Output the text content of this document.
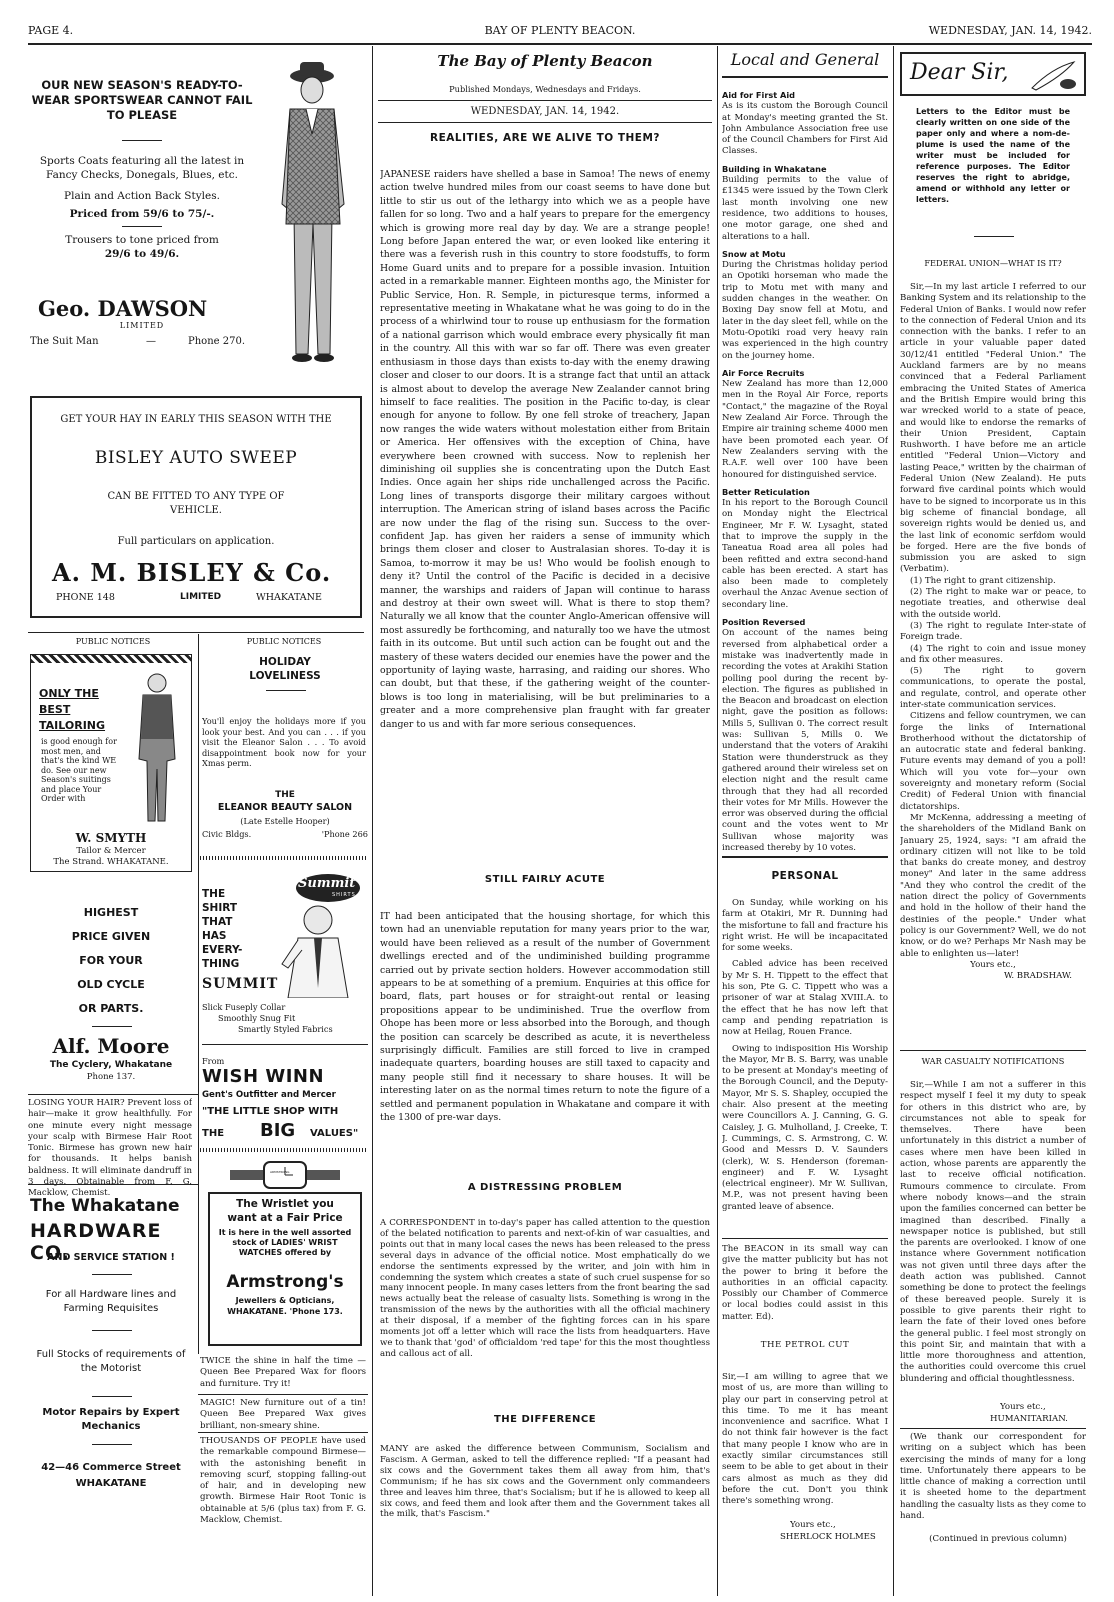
PAGE 4.	BAY OF PLENTY BEACON.	WEDNESDAY, JAN. 14, 1942.
OUR NEW SEASON'S READY-TO-WEAR SPORTSWEAR CANNOT FAIL TO PLEASE
Sports Coats featuring all the latest in Fancy Checks, Donegals, Blues, etc.
Plain and Action Back Styles.
Priced from 59/6 to 75/-.
Trousers to tone priced from
29/6 to 49/6.
Geo. DAWSON
LIMITED
The Suit Man	—	Phone 270.
GET YOUR HAY IN EARLY THIS SEASON WITH THE
BISLEY AUTO SWEEP
CAN BE FITTED TO ANY TYPE OF VEHICLE.
Full particulars on application.
A. M. BISLEY & Co.
PHONE 148	LIMITED	WHAKATANE
PUBLIC NOTICES
ONLY THE
BEST
TAILORING
is good enough for most men, and that's the kind WE do. See our new Season's suitings and place Your Order with
W. SMYTH
Tailor & Mercer
The Strand. WHAKATANE.
HIGHEST
PRICE GIVEN
FOR YOUR
OLD CYCLE
OR PARTS.
Alf. Moore
The Cyclery, Whakatane
Phone 137.
LOSING YOUR HAIR? Prevent loss of hair—make it grow healthfully. For one minute every night message your scalp with Birmese Hair Root Tonic. Birmese has grown new hair for thousands. It helps banish baldness. It will eliminate dandruff in 3 days. Obtainable from F. G. Macklow, Chemist.
The Whakatane
HARDWARE CO.
AND SERVICE STATION !
For all Hardware lines and Farming Requisites
Full Stocks of requirements of the Motorist
Motor Repairs by Expert Mechanics
42—46 Commerce Street
WHAKATANE
PUBLIC NOTICES
HOLIDAY
LOVELINESS
You'll enjoy the holidays more if you look your best. And you can . . . if you visit the Eleanor Salon . . . To avoid disappointment book now for your Xmas perm.
THE
ELEANOR BEAUTY SALON
(Late Estelle Hooper)
Civic Bldgs.	'Phone 266
THE
SHIRT
THAT
HAS
EVERY-
THING
SUMMIT
Summit
SHIRTS
Slick Fuseply Collar
Smoothly Snug Fit
Smartly Styled Fabrics
From
WISH WINN
Gent's Outfitter and Mercer
"THE LITTLE SHOP WITH
THE BIG VALUES"
ARMSTRONG
The Wristlet you
want at a Fair Price
It is here in the well assorted stock of LADIES' WRIST WATCHES offered by
Armstrong's
Jewellers & Opticians,
WHAKATANE. 'Phone 173.
TWICE the shine in half the time —Queen Bee Prepared Wax for floors and furniture. Try it!
MAGIC! New furniture out of a tin! Queen Bee Prepared Wax gives brilliant, non-smeary shine.
THOUSANDS OF PEOPLE have used the remarkable compound Birmese—with the astonishing benefit in removing scurf, stopping falling-out of hair, and in developing new growth. Birmese Hair Root Tonic is obtainable at 5/6 (plus tax) from F. G. Macklow, Chemist.
The Bay of Plenty Beacon
Published Mondays, Wednesdays and Fridays.
WEDNESDAY, JAN. 14, 1942.
REALITIES, ARE WE ALIVE TO THEM?
JAPANESE raiders have shelled a base in Samoa! The news of enemy action twelve hundred miles from our coast seems to have done but little to stir us out of the lethargy into which we as a people have fallen for so long. Two and a half years to prepare for the emergency which is growing more real day by day. We are a strange people! Long before Japan entered the war, or even looked like entering it there was a feverish rush in this country to store foodstuffs, to form Home Guard units and to prepare for a possible invasion. Intuition acted in a remarkable manner. Eighteen months ago, the Minister for Public Service, Hon. R. Semple, in picturesque terms, informed a representative meeting in Whakatane what he was going to do in the process of a whirlwind tour to rouse up enthusiasm for the formation of a national garrison which would embrace every physically fit man in the country. All this with war so far off. There was even greater enthusiasm in those days than exists to-day with the enemy drawing closer and closer to our doors. It is a strange fact that until an attack is almost about to develop the average New Zealander cannot bring himself to face realities. The position in the Pacific to-day, is clear enough for anyone to follow. By one fell stroke of treachery, Japan now ranges the wide waters without molestation either from Britain or America. Her offensives with the exception of China, have everywhere been crowned with success. Now to replenish her diminishing oil supplies she is concentrating upon the Dutch East Indies. Once again her ships ride unchallenged across the Pacific. Long lines of transports disgorge their military cargoes without interruption. The American string of island bases across the Pacific are now under the flag of the rising sun. Success to the over-confident Jap. has given her raiders a sense of immunity which brings them closer and closer to Australasian shores. To-day it is Samoa, to-morrow it may be us! Who would be foolish enough to deny it? Until the control of the Pacific is decided in a decisive manner, the warships and raiders of Japan will continue to harass and destroy at their own sweet will. What is there to stop them? Naturally we all know that the counter Anglo-American offensive will most assuredly be forthcoming, and naturally too we have the utmost faith in its outcome. But until such action can be fought out and the mastery of these waters decided our enemies have the power and the opportunity of laying waste, harrasing, and raiding our shores. Who can doubt, but that these, if the gathering weight of the counter-blows is too long in materialising, will be but preliminaries to a greater and a more comprehensive plan fraught with far greater danger to us and with far more serious consequences.
STILL FAIRLY ACUTE
IT had been anticipated that the housing shortage, for which this town had an unenviable reputation for many years prior to the war, would have been relieved as a result of the number of Government dwellings erected and of the undiminished building programme carried out by private section holders. However accommodation still appears to be at something of a premium. Enquiries at this office for board, flats, part houses or for straight-out rental or leasing propositions appear to be undiminished. True the overflow from Ohope has been more or less absorbed into the Borough, and though the position can scarcely be described as acute, it is nevertheless surprisingly difficult. Families are still forced to live in cramped inadequate quarters, boarding houses are still taxed to capacity and many people still find it necessary to share houses. It will be interesting later on as the normal times return to note the figure of a settled and permanent population in Whakatane and compare it with the 1300 of pre-war days.
A DISTRESSING PROBLEM
A CORRESPONDENT in to-day's paper has called attention to the question of the belated notification to parents and next-of-kin of war casualties, and points out that in many local cases the news has been released to the press several days in advance of the official notice. Most emphatically do we endorse the sentiments expressed by the writer, and join with him in condemning the system which creates a state of such cruel suspense for so many innocent people. In many cases letters from the front bearing the sad news actually beat the release of casualty lists. Something is wrong in the transmission of the news by the authorities with all the official machinery at their disposal, if a member of the fighting forces can in his spare moments jot off a letter which will race the lists from headquarters. Have we to thank that 'god' of officialdom 'red tape' for this the most thoughtless and callous act of all.
THE DIFFERENCE
MANY are asked the difference between Communism, Socialism and Fascism. A German, asked to tell the difference replied: "If a peasant had six cows and the Government takes them all away from him, that's Communism; if he has six cows and the Government only commandeers three and leaves him three, that's Socialism; but if he is allowed to keep all six cows, and feed them and look after them and the Government takes all the milk, that's Fascism."
Local and General
Aid for First Aid
As is its custom the Borough Council at Monday's meeting granted the St. John Ambulance Association free use of the Council Chambers for First Aid Classes.
Building in Whakatane
Building permits to the value of £1345 were issued by the Town Clerk last month involving one new residence, two additions to houses, one motor garage, one shed and alterations to a hall.
Snow at Motu
During the Christmas holiday period an Opotiki horseman who made the trip to Motu met with many and sudden changes in the weather. On Boxing Day snow fell at Motu, and later in the day sleet fell, while on the Motu-Opotiki road very heavy rain was experienced in the high country on the journey home.
Air Force Recruits
New Zealand has more than 12,000 men in the Royal Air Force, reports "Contact," the magazine of the Royal New Zealand Air Force. Through the Empire air training scheme 4000 men have been promoted each year. Of New Zealanders serving with the R.A.F. well over 100 have been honoured for distinguished service.
Better Reticulation
In his report to the Borough Council on Monday night the Electrical Engineer, Mr F. W. Lysaght, stated that to improve the supply in the Taneatua Road area all poles had been refitted and extra second-hand cable has been erected. A start has also been made to completely overhaul the Anzac Avenue section of secondary line.
Position Reversed
On account of the names being reversed from alphabetical order a mistake was inadvertently made in recording the votes at Arakihi Station polling pool during the recent by-election. The figures as published in the Beacon and broadcast on election night, gave the position as follows: Mills 5, Sullivan 0. The correct result was: Sullivan 5, Mills 0. We understand that the voters of Arakihi Station were thunderstruck as they gathered around their wireless set on election night and the result came through that they had all recorded their votes for Mr Mills. However the error was observed during the official count and the votes went to Mr Sullivan whose majority was increased thereby by 10 votes.
PERSONAL
On Sunday, while working on his farm at Otakiri, Mr R. Dunning had the misfortune to fall and fracture his right wrist. He will be incapacitated for some weeks.
Cabled advice has been received by Mr S. H. Tippett to the effect that his son, Pte G. C. Tippett who was a prisoner of war at Stalag XVIII.A. to the effect that he has now left that camp and pending repatriation is now at Heilag, Rouen France.
Owing to indisposition His Worship the Mayor, Mr B. S. Barry, was unable to be present at Monday's meeting of the Borough Council, and the Deputy-Mayor, Mr S. S. Shapley, occupied the chair. Also present at the meeting were Councillors A. J. Canning, G. G. Caisley, J. G. Mulholland, J. Creeke, T. J. Cummings, C. S. Armstrong, C. W. Good and Messrs D. V. Saunders (clerk), W. S. Henderson (foreman-engineer) and F. W. Lysaght (electrical engineer). Mr W. Sullivan, M.P., was not present having been granted leave of absence.
The BEACON in its small way can give the matter publicity but has not the power to bring it before the authorities in an official capacity. Possibly our Chamber of Commerce or local bodies could assist in this matter. Ed).
THE PETROL CUT
Sir,—I am willing to agree that we most of us, are more than willing to play our part in conserving petrol at this time. To me it has meant inconvenience and sacrifice. What I do not think fair however is the fact that many people I know who are in exactly similar circumstances still seem to be able to get about in their cars almost as much as they did before the cut. Don't you think there's something wrong.
Yours etc.,
SHERLOCK HOLMES
Dear Sir,
Letters to the Editor must be clearly written on one side of the paper only and where a nom-de-plume is used the name of the writer must be included for reference purposes. The Editor reserves the right to abridge, amend or withhold any letter or letters.
FEDERAL UNION—WHAT IS IT?
Sir,—In my last article I referred to our Banking System and its relationship to the Federal Union of Banks. I would now refer to the connection of Federal Union and its connection with the banks. I refer to an article in your valuable paper dated 30/12/41 entitled "Federal Union." The Auckland farmers are by no means convinced that a Federal Parliament embracing the United States of America and the British Empire would bring this war wrecked world to a state of peace, and would like to endorse the remarks of their Union President, Captain Rushworth. I have before me an article entitled "Federal Union—Victory and lasting Peace," written by the chairman of Federal Union (New Zealand). He puts forward five cardinal points which would have to be signed to incorporate us in this big scheme of financial bondage, all sovereign rights would be denied us, and the last link of economic serfdom would be forged. Here are the five bonds of submission you are asked to sign (Verbatim).
(1) The right to grant citizenship.
(2) The right to make war or peace, to negotiate treaties, and otherwise deal with the outside world.
(3) The right to regulate Inter-state of Foreign trade.
(4) The right to coin and issue money and fix other measures.
(5) The right to govern communications, to operate the postal, and regulate, control, and operate other inter-state communication services.
Citizens and fellow countrymen, we can forge the links of International Brotherhood without the dictatorship of an autocratic state and federal banking. Future events may demand of you a poll! Which will you vote for—your own sovereignty and monetary reform (Social Credit) of Federal Union with financial dictatorships.
Mr McKenna, addressing a meeting of the shareholders of the Midland Bank on January 25, 1924, says: "I am afraid the ordinary citizen will not like to be told that banks do create money, and destroy money" And later in the same address "And they who control the credit of the nation direct the policy of Governments and hold in the hollow of their hand the destinies of the people." Under what policy is our Government? Well, we do not know, or do we? Perhaps Mr Nash may be able to enlighten us—later!
Yours etc.,
W. BRADSHAW.
WAR CASUALTY NOTIFICATIONS
Sir,—While I am not a sufferer in this respect myself I feel it my duty to speak for others in this district who are, by circumstances not able to speak for themselves. There have been unfortunately in this district a number of cases where men have been killed in action, whose parents are apparently the last to receive official notification. Rumours commence to circulate. From where nobody knows—and the strain upon the families concerned can better be imagined than described. Finally a newspaper notice is published, but still the parents are overlooked. I know of one instance where Government notification was not given until three days after the death action was published. Cannot something be done to protect the feelings of these bereaved people. Surely it is possible to give parents their right to learn the fate of their loved ones before the general public. I feel most strongly on this point Sir, and maintain that with a little more thoroughness and attention, the authorities could overcome this cruel blundering and official thoughtlessness.
Yours etc.,
HUMANITARIAN.
(We thank our correspondent for writing on a subject which has been exercising the minds of many for a long time. Unfortunately there appears to be little chance of making a correction until it is sheeted home to the department handling the casualty lists as they come to hand.
(Continued in previous column)
